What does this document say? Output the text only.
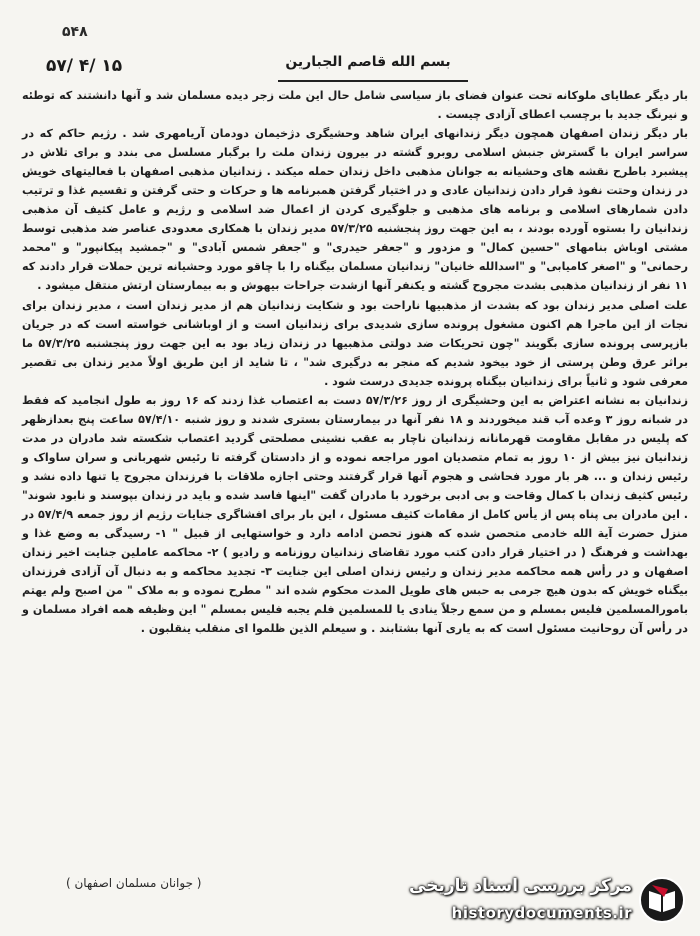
۵۴۸
۵۷/ ۴/ ۱۵	بسم الله قاصم الجبارین

بار دیگر عطایای ملوکانه تحت عنوان فضای باز سیاسی شامل حال این ملت زجر دیده مسلمان شد و آنها دانشتند که توطئه و نیرنگ جدید با برچسب اعطای آزادی چیست .

بار دیگر زندان اصفهان همچون دیگر زندانهای ایران شاهد وحشیگری دژخیمان دودمان آریامهری شد . رژیم حاکم که در سراسر ایران با گسترش جنبش اسلامی روبرو گشته در بیرون زندان ملت را برگبار مسلسل می بندد و برای تلاش در پیشبرد باطرح نقشه های وحشیانه به جوانان مذهبی داخل زندان حمله میکند . زندانیان مذهبی اصفهان با فعالیتهای خویش در زندان وحتت نفوذ قرار دادن زندانیان عادی و در اختیار گرفتن همبرنامه ها و حرکات و حتی گرفتن و تقسیم غذا و ترتیب دادن شمارهای اسلامی و برنامه های مذهبی و جلوگیری کردن از اعمال ضد اسلامی و رژیم و عامل کثیف آن مذهبی زندانیان را بستوه آورده بودند ، به این جهت روز پنجشنبه ۵۷/۳/۲۵ مدیر زندان با همکاری معدودی عناصر ضد مذهبی توسط مشتی اوباش بنامهای "حسین کمال" و مزدور و "جعفر حیدری" و "جعفر شمس آبادی" و "جمشید پیکانپور" و "محمد رحمانی" و "اصغر کامیابی" و "اسدالله خانیان" زندانیان مسلمان بیگناه را با چاقو مورد وحشیانه ترین حملات قرار دادند که ۱۱ نفر از زندانیان مذهبی بشدت مجروح گشته و یکنفر آنها ازشدت جراحات بیهوش و به بیمارستان ارتش منتقل میشود .

علت اصلی مدیر زندان بود که بشدت از مذهبیها ناراحت بود و شکایت زندانیان هم از مدیر زندان است ، مدیر زندان برای نجات از این ماجرا هم اکنون مشغول پرونده سازی شدیدی برای زندانیان است و از اوباشانی خواسته است که در جریان بازپرسی پرونده سازی بگویند "چون تحریکات ضد دولتی مذهبیها در زندان زیاد بود به این جهت روز پنجشنبه ۵۷/۳/۲۵ ما براثر عرق وطن پرستی از خود بیخود شدیم که منجر به درگیری شد" ، تا شاید از این طریق اولاً مدیر زندان بی تقصیر معرفی شود و ثانیاً برای زندانیان بیگناه پرونده جدیدی درست شود .

زندانیان به نشانه اعتراض به این وحشیگری از روز ۵۷/۳/۲۶ دست به اعتصاب غذا زدند که ۱۶ روز به طول انجامید که فقط در شبانه روز ۳ وعده آب قند میخوردند و ۱۸ نفر آنها در بیمارستان بستری شدند و روز شنبه ۵۷/۴/۱۰ ساعت پنج بعدازظهر که پلیس در مقابل مقاومت قهرمانانه زندانیان ناچار به عقب نشینی مصلحتی گردید اعتصاب شکسته شد مادران در مدت زندانیان نیز بیش از ۱۰ روز به تمام متصدیان امور مراجعه نموده و از دادستان گرفته تا رئیس شهربانی و سران ساواک و رئیس زندان و ... هر بار مورد فحاشی و هجوم آنها قرار گرفتند وحتی اجازه ملاقات با فرزندان مجروح یا تنها داده نشد و رئیس کثیف زندان با کمال وقاحت و بی ادبی برخورد با مادران گفت "اینها فاسد شده و باید در زندان بپوسند و نابود شوند" . این مادران بی پناه پس از یأس کامل از مقامات کثیف مسئول ، این بار برای افشاگری جنایات رژیم از روز جمعه ۵۷/۴/۹ در منزل حضرت آیة الله خادمی متحصن شده که هنوز تحصن ادامه دارد و خواستهایی از قبیل " ۱- رسیدگی به وضع غذا و بهداشت و فرهنگ ( در اختیار قرار دادن کتب مورد تقاضای زندانیان روزنامه و رادیو ) ۲- محاکمه عاملین جنایت اخیر زندان اصفهان و در رأس همه محاکمه مدیر زندان و رئیس زندان اصلی این جنایت ۳- تجدید محاکمه و به دنبال آن آزادی فرزندان بیگناه خویش که بدون هیچ جرمی به حبس های طویل المدت محکوم شده اند " مطرح نموده و به ملاک " من اصبح ولم یهتم بامورالمسلمین فلیس بمسلم و من سمع رجلاً ینادی یا للمسلمین فلم یجبه فلیس بمسلم " این وظیفه همه افراد مسلمان و در رأس آن روحانیت مسئول است که به یاری آنها بشتابند . و سیعلم الذین ظلموا ای منقلب ینقلبون .

( جوانان مسلمان اصفهان )	مرکز بررسی اسناد تاریخی
historydocuments.ir
